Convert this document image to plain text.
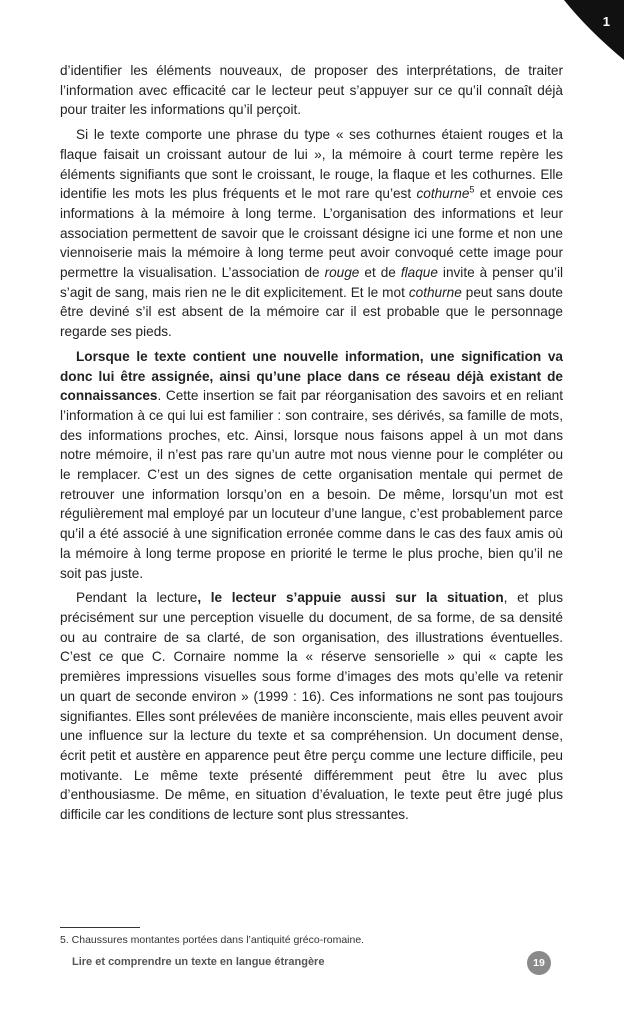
1

d’identifier les éléments nouveaux, de proposer des interprétations, de traiter l’information avec efficacité car le lecteur peut s’appuyer sur ce qu’il connaît déjà pour traiter les informations qu’il perçoit.

Si le texte comporte une phrase du type « ses cothurnes étaient rouges et la flaque faisait un croissant autour de lui », la mémoire à court terme repère les éléments signifiants que sont le croissant, le rouge, la flaque et les cothurnes. Elle identifie les mots les plus fréquents et le mot rare qu’est cothurne$^5$ et envoie ces informations à la mémoire à long terme. L’organisation des informations et leur association permettent de savoir que le croissant désigne ici une forme et non une viennoiserie mais la mémoire à long terme peut avoir convoqué cette image pour permettre la visualisation. L’association de rouge et de flaque invite à penser qu’il s’agit de sang, mais rien ne le dit explicitement. Et le mot cothurne peut sans doute être deviné s’il est absent de la mémoire car il est probable que le personnage regarde ses pieds.

Lorsque le texte contient une nouvelle information, une signification va donc lui être assignée, ainsi qu’une place dans ce réseau déjà existant de connaissances. Cette insertion se fait par réorganisation des savoirs et en reliant l’information à ce qui lui est familier : son contraire, ses dérivés, sa famille de mots, des informations proches, etc. Ainsi, lorsque nous faisons appel à un mot dans notre mémoire, il n’est pas rare qu’un autre mot nous vienne pour le compléter ou le remplacer. C’est un des signes de cette organisation mentale qui permet de retrouver une information lorsqu’on en a besoin. De même, lorsqu’un mot est régulièrement mal employé par un locuteur d’une langue, c’est probablement parce qu’il a été associé à une signification erronée comme dans le cas des faux amis où la mémoire à long terme propose en priorité le terme le plus proche, bien qu’il ne soit pas juste.

Pendant la lecture, le lecteur s’appuie aussi sur la situation, et plus précisément sur une perception visuelle du document, de sa forme, de sa densité ou au contraire de sa clarté, de son organisation, des illustrations éventuelles. C’est ce que C. Cornaire nomme la « réserve sensorielle » qui « capte les premières impressions visuelles sous forme d’images des mots qu’elle va retenir un quart de seconde environ » (1999 : 16). Ces informations ne sont pas toujours signifiantes. Elles sont prélevées de manière inconsciente, mais elles peuvent avoir une influence sur la lecture du texte et sa compréhension. Un document dense, écrit petit et austère en apparence peut être perçu comme une lecture difficile, peu motivante. Le même texte présenté différemment peut être lu avec plus d’enthousiasme. De même, en situation d’évaluation, le texte peut être jugé plus difficile car les conditions de lecture sont plus stressantes.

5. Chaussures montantes portées dans l’antiquité gréco-romaine.
Lire et comprendre un texte en langue étrangère	19
